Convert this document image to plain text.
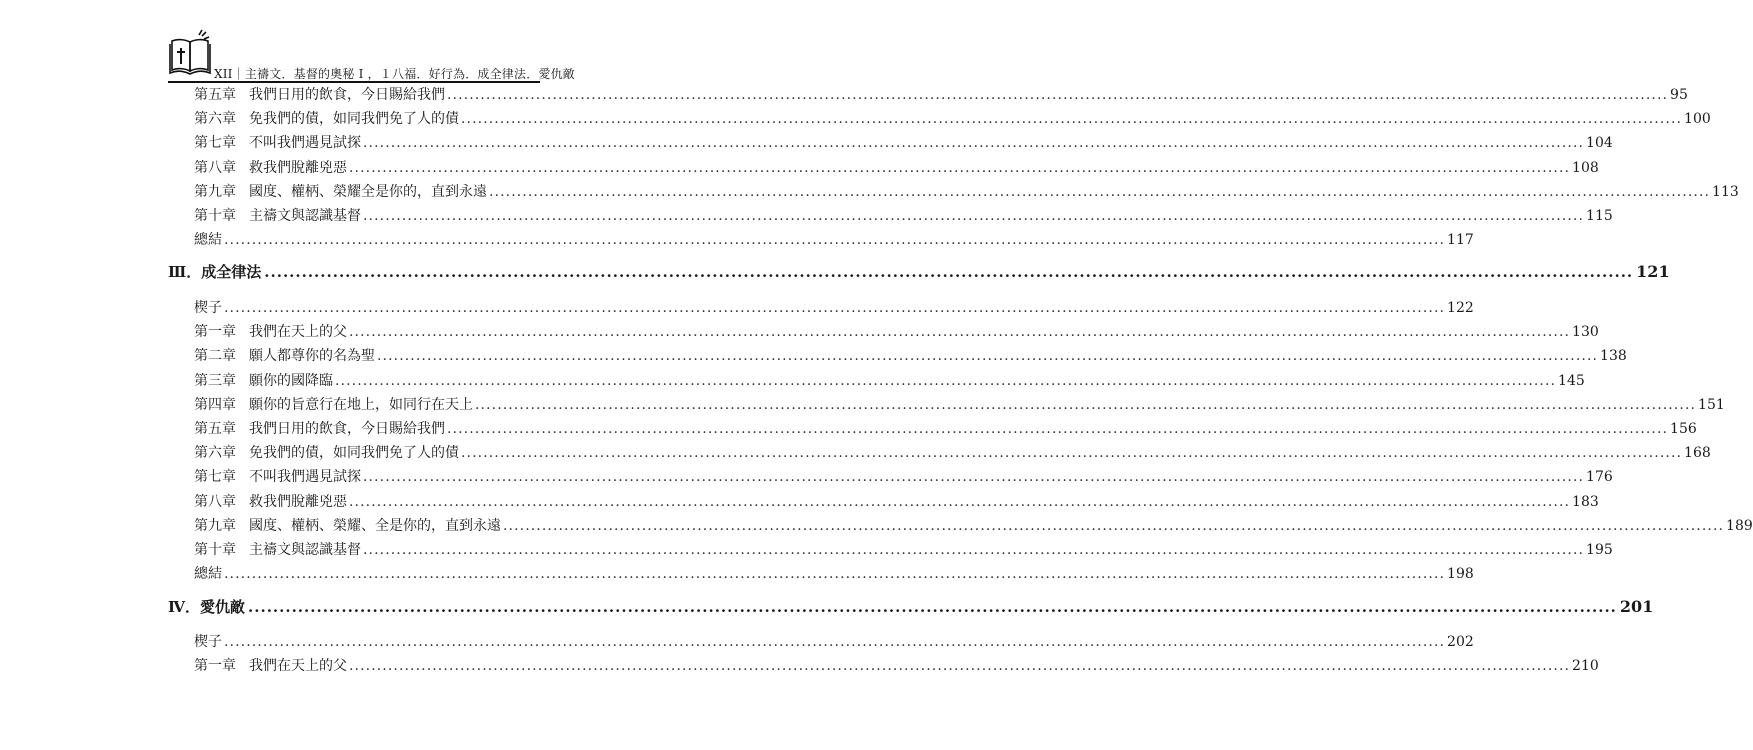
XII｜主禱文．基督的奧秘 I ，１八福．好行為．成全律法．愛仇敵
第五章 我們日用的飲食，今日賜給我們 ............................................................................................................................................................................................................................ 95
第六章 免我們的債，如同我們免了人的債 ............................................................................................................................................................................................................................ 100
第七章 不叫我們遇見試探 ............................................................................................................................................................................................................................ 104
第八章 救我們脫離兇惡 ............................................................................................................................................................................................................................ 108
第九章 國度、權柄、榮耀全是你的，直到永遠 ............................................................................................................................................................................................................................ 113
第十章 主禱文與認識基督 ............................................................................................................................................................................................................................ 115
總結 ............................................................................................................................................................................................................................ 117
Ⅲ．成全律法 ............................................................................................................................................................................................................................ 121
楔子 ............................................................................................................................................................................................................................ 122
第一章 我們在天上的父 ............................................................................................................................................................................................................................ 130
第二章 願人都尊你的名為聖 ............................................................................................................................................................................................................................ 138
第三章 願你的國降臨 ............................................................................................................................................................................................................................ 145
第四章 願你的旨意行在地上，如同行在天上 ............................................................................................................................................................................................................................ 151
第五章 我們日用的飲食，今日賜給我們 ............................................................................................................................................................................................................................ 156
第六章 免我們的債，如同我們免了人的債 ............................................................................................................................................................................................................................ 168
第七章 不叫我們遇見試探 ............................................................................................................................................................................................................................ 176
第八章 救我們脫離兇惡 ............................................................................................................................................................................................................................ 183
第九章 國度、權柄、榮耀、全是你的，直到永遠 ............................................................................................................................................................................................................................ 189
第十章 主禱文與認識基督 ............................................................................................................................................................................................................................ 195
總結 ............................................................................................................................................................................................................................ 198
Ⅳ．愛仇敵 ............................................................................................................................................................................................................................ 201
楔子 ............................................................................................................................................................................................................................ 202
第一章 我們在天上的父 ............................................................................................................................................................................................................................ 210
